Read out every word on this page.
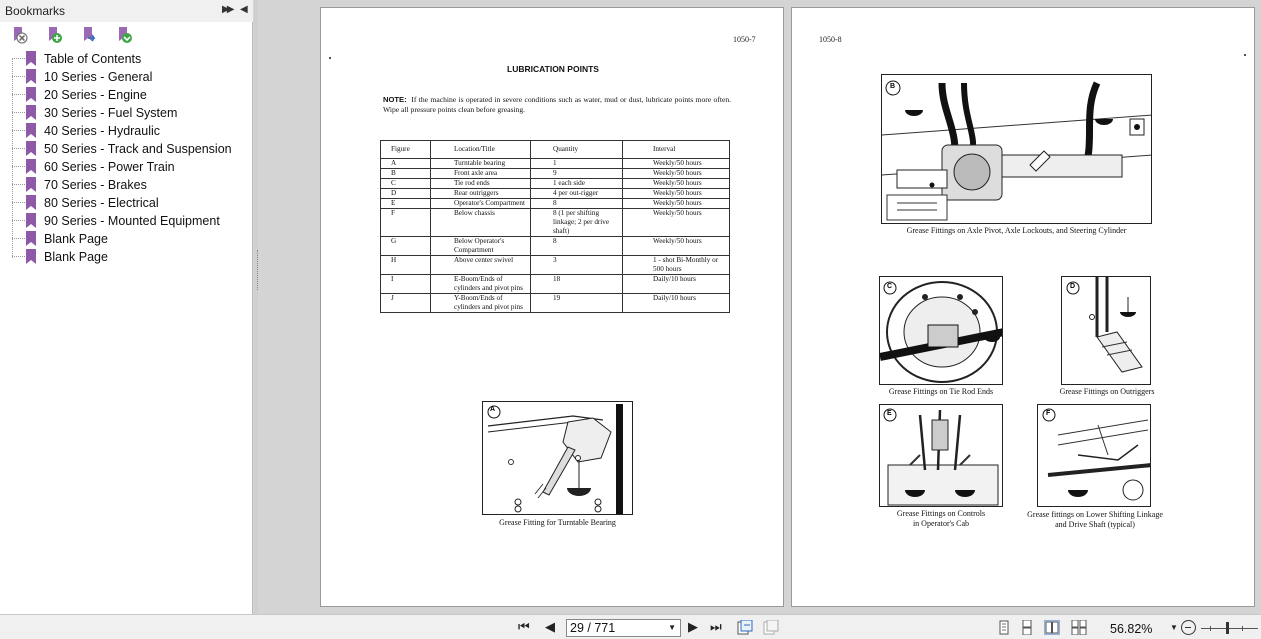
Bookmarks	▶▶ ◀
Table of Contents
10 Series - General
20 Series - Engine
30 Series - Fuel System
40 Series - Hydraulic
50 Series - Track and Suspension
60 Series - Power Train
70 Series - Brakes
80 Series - Electrical
90 Series - Mounted Equipment
Blank Page
Blank Page
1050-7
LUBRICATION POINTS
NOTE: If the machine is operated in severe conditions such as water, mud or dust, lubricate points more often. Wipe all pressure points clean before greasing.
Figure	Location/Title	Quantity	Interval
A	Turntable bearing	1	Weekly/50 hours
B	Front axle area	9	Weekly/50 hours
C	Tie rod ends	1 each side	Weekly/50 hours
D	Rear outriggers	4 per out-rigger	Weekly/50 hours
E	Operator's Compartment	8	Weekly/50 hours
F	Below chassis	8 (1 per shifting linkage; 2 per drive shaft)	Weekly/50 hours
G	Below Operator's Compartment	8	Weekly/50 hours
H	Above center swivel	3	1 - shot Bi-Monthly or 500 hours
I	E-Boom/Ends of cylinders and pivot pins	18	Daily/10 hours
J	Y-Boom/Ends of cylinders and pivot pins	19	Daily/10 hours
A
Grease Fitting for Turntable Bearing
1050-8
B
Grease Fittings on Axle Pivot, Axle Lockouts, and Steering Cylinder
C
Grease Fittings on Tie Rod Ends
D
Grease Fittings on Outriggers
E
Grease Fittings on Controls
in Operator's Cab
F
Grease fittings on Lower Shifting Linkage
and Drive Shaft (typical)
⏮ ◀	29 / 771	▼ ▶ ⏭	56.82% ▼
